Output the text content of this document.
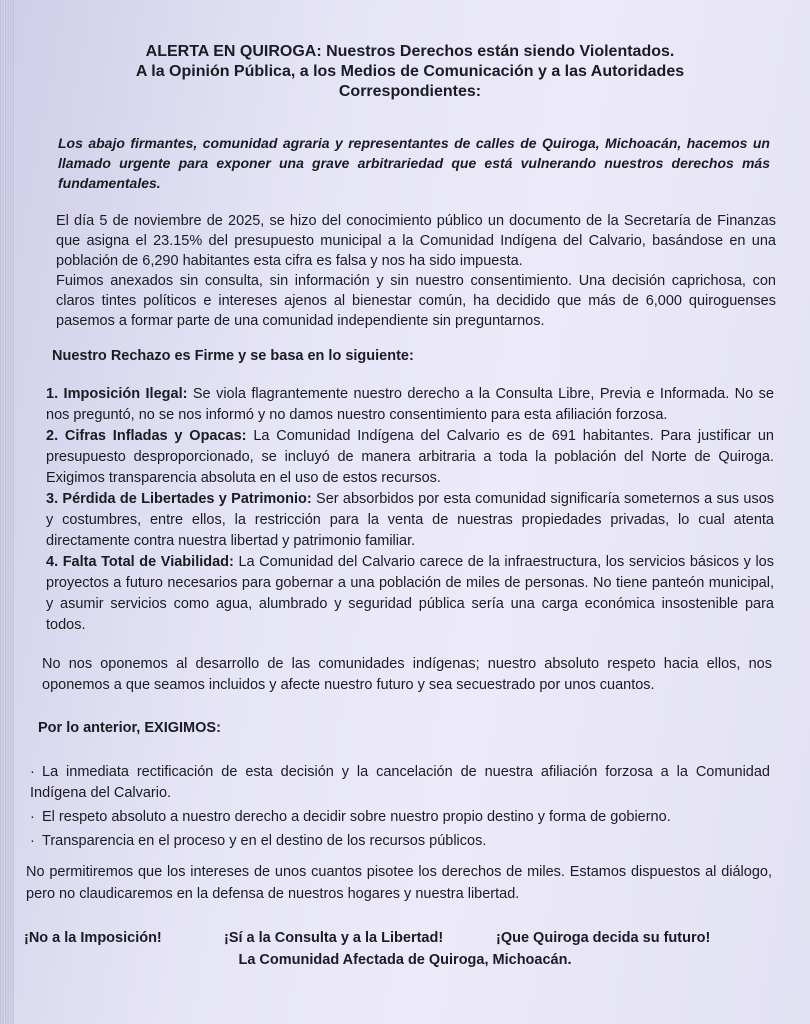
ALERTA EN QUIROGA: Nuestros Derechos están siendo Violentados.
A la Opinión Pública, a los Medios de Comunicación y a las Autoridades
Correspondientes:
Los abajo firmantes, comunidad agraria y representantes de calles de Quiroga, Michoacán, hacemos un llamado urgente para exponer una grave arbitrariedad que está vulnerando nuestros derechos más fundamentales.
El día 5 de noviembre de 2025, se hizo del conocimiento público un documento de la Secretaría de Finanzas que asigna el 23.15% del presupuesto municipal a la Comunidad Indígena del Calvario, basándose en una población de 6,290 habitantes esta cifra es falsa y nos ha sido impuesta.
Fuimos anexados sin consulta, sin información y sin nuestro consentimiento. Una decisión caprichosa, con claros tintes políticos e intereses ajenos al bienestar común, ha decidido que más de 6,000 quiroguenses pasemos a formar parte de una comunidad independiente sin preguntarnos.
Nuestro Rechazo es Firme y se basa en lo siguiente:

1. Imposición Ilegal: Se viola flagrantemente nuestro derecho a la Consulta Libre, Previa e Informada. No se nos preguntó, no se nos informó y no damos nuestro consentimiento para esta afiliación forzosa.

2. Cifras Infladas y Opacas: La Comunidad Indígena del Calvario es de 691 habitantes. Para justificar un presupuesto desproporcionado, se incluyó de manera arbitraria a toda la población del Norte de Quiroga. Exigimos transparencia absoluta en el uso de estos recursos.

3. Pérdida de Libertades y Patrimonio: Ser absorbidos por esta comunidad significaría someternos a sus usos y costumbres, entre ellos, la restricción para la venta de nuestras propiedades privadas, lo cual atenta directamente contra nuestra libertad y patrimonio familiar.

4. Falta Total de Viabilidad: La Comunidad del Calvario carece de la infraestructura, los servicios básicos y los proyectos a futuro necesarios para gobernar a una población de miles de personas. No tiene panteón municipal, y asumir servicios como agua, alumbrado y seguridad pública sería una carga económica insostenible para todos.

No nos oponemos al desarrollo de las comunidades indígenas; nuestro absoluto respeto hacia ellos, nos oponemos a que seamos incluidos y afecte nuestro futuro y sea secuestrado por unos cuantos.
Por lo anterior, EXIGIMOS:

· La inmediata rectificación de esta decisión y la cancelación de nuestra afiliación forzosa a la Comunidad Indígena del Calvario.

· El respeto absoluto a nuestro derecho a decidir sobre nuestro propio destino y forma de gobierno.

· Transparencia en el proceso y en el destino de los recursos públicos.

No permitiremos que los intereses de unos cuantos pisotee los derechos de miles. Estamos dispuestos al diálogo, pero no claudicaremos en la defensa de nuestros hogares y nuestra libertad.
¡No a la Imposición!	¡Sí a la Consulta y a la Libertad!	¡Que Quiroga decida su futuro!
La Comunidad Afectada de Quiroga, Michoacán.
